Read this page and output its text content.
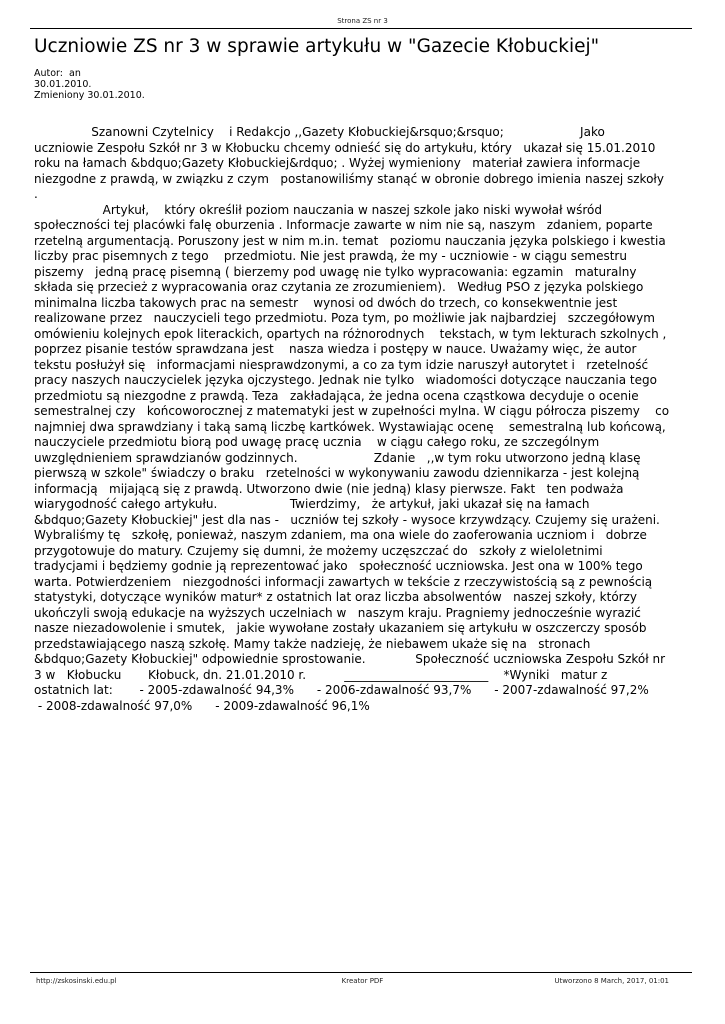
Strona ZS nr 3
Uczniowie ZS nr 3 w sprawie artykułu w "Gazecie Kłobuckiej"
Autor:  an
30.01.2010.
Zmieniony 30.01.2010.
Szanowni Czytelnicy    i Redakcjo ,,Gazety Kłobuckiej&rsquo;&rsquo;                    Jako
uczniowie Zespołu Szkół nr 3 w Kłobucku chcemy odnieść się do artykułu, który   ukazał się 15.01.2010
roku na łamach &bdquo;Gazety Kłobuckiej&rdquo; . Wyżej wymieniony   materiał zawiera informacje
niezgodne z prawdą, w związku z czym   postanowiliśmy stanąć w obronie dobrego imienia naszej szkoły
.
Artykuł,    który określił poziom nauczania w naszej szkole jako niski wywołał wśród
społeczności tej placówki falę oburzenia . Informacje zawarte w nim nie są, naszym   zdaniem, poparte
rzetelną argumentacją. Poruszony jest w nim m.in. temat   poziomu nauczania języka polskiego i kwestia
liczby prac pisemnych z tego    przedmiotu. Nie jest prawdą, że my - uczniowie - w ciągu semestru
piszemy   jedną pracę pisemną ( bierzemy pod uwagę nie tylko wypracowania: egzamin   maturalny
składa się przecież z wypracowania oraz czytania ze zrozumieniem).   Według PSO z języka polskiego
minimalna liczba takowych prac na semestr    wynosi od dwóch do trzech, co konsekwentnie jest
realizowane przez   nauczycieli tego przedmiotu. Poza tym, po możliwie jak najbardziej   szczegółowym
omówieniu kolejnych epok literackich, opartych na różnorodnych    tekstach, w tym lekturach szkolnych ,
poprzez pisanie testów sprawdzana jest    nasza wiedza i postępy w nauce. Uważamy więc, że autor
tekstu posłużył się   informacjami niesprawdzonymi, a co za tym idzie naruszył autorytet i   rzetelność
pracy naszych nauczycielek języka ojczystego. Jednak nie tylko   wiadomości dotyczące nauczania tego
przedmiotu są niezgodne z prawdą. Teza   zakładająca, że jedna ocena cząstkowa decyduje o ocenie
semestralnej czy   końcoworocznej z matematyki jest w zupełności mylna. W ciągu półrocza piszemy    co
najmniej dwa sprawdziany i taką samą liczbę kartkówek. Wystawiając ocenę    semestralną lub końcową,
nauczyciele przedmiotu biorą pod uwagę pracę ucznia    w ciągu całego roku, ze szczególnym
uwzględnieniem sprawdzianów godzinnych.                    Zdanie   ,,w tym roku utworzono jedną klasę
pierwszą w szkole" świadczy o braku   rzetelności w wykonywaniu zawodu dziennikarza - jest kolejną
informacją   mijającą się z prawdą. Utworzono dwie (nie jedną) klasy pierwsze. Fakt   ten podważa
wiarygodność całego artykułu.                   Twierdzimy,   że artykuł, jaki ukazał się na łamach
&bdquo;Gazety Kłobuckiej" jest dla nas -   uczniów tej szkoły - wysoce krzywdzący. Czujemy się urażeni.
Wybraliśmy tę   szkołę, ponieważ, naszym zdaniem, ma ona wiele do zaoferowania uczniom i   dobrze
przygotowuje do matury. Czujemy się dumni, że możemy uczęszczać do   szkoły z wieloletnimi
tradycjami i będziemy godnie ją reprezentować jako   społeczność uczniowska. Jest ona w 100% tego
warta. Potwierdzeniem   niezgodności informacji zawartych w tekście z rzeczywistością są z pewnością
statystyki, dotyczące wyników matur* z ostatnich lat oraz liczba absolwentów   naszej szkoły, którzy
ukończyli swoją edukacje na wyższych uczelniach w   naszym kraju. Pragniemy jednocześnie wyrazić
nasze niezadowolenie i smutek,   jakie wywołane zostały ukazaniem się artykułu w oszczerczy sposób
przedstawiającego naszą szkołę. Mamy także nadzieję, że niebawem ukaże się na   stronach
&bdquo;Gazety Kłobuckiej" odpowiednie sprostowanie.             Społeczność uczniowska Zespołu Szkół nr
3 w   Kłobucku       Kłobuck, dn. 21.01.2010 r.          ________________________    *Wyniki   matur z
ostatnich lat:       - 2005-zdawalność 94,3%      - 2006-zdawalność 93,7%      - 2007-zdawalność 97,2%
- 2008-zdawalność 97,0%      - 2009-zdawalność 96,1%
http://zskosinski.edu.pl	Kreator PDF	Utworzono 8 March, 2017, 01:01
